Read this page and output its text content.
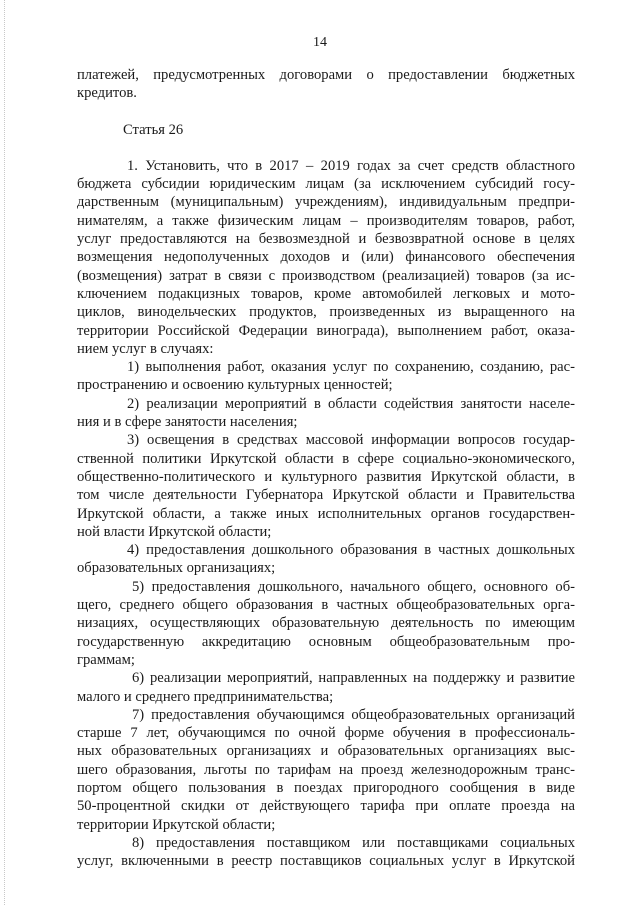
14
платежей, предусмотренных договорами о предоставлении бюджетных
кредитов.
Статья 26
1. Установить, что в 2017 – 2019 годах за счет средств областного
бюджета субсидии юридическим лицам (за исключением субсидий госу-
дарственным (муниципальным) учреждениям), индивидуальным предпри-
нимателям, а также физическим лицам – производителям товаров, работ,
услуг предоставляются на безвозмездной и безвозвратной основе в целях
возмещения недополученных доходов и (или) финансового обеспечения
(возмещения) затрат в связи с производством (реализацией) товаров (за ис-
ключением подакцизных товаров, кроме автомобилей легковых и мото-
циклов, винодельческих продуктов, произведенных из выращенного на
территории Российской Федерации винограда), выполнением работ, оказа-
нием услуг в случаях:
1) выполнения работ, оказания услуг по сохранению, созданию, рас-
пространению и освоению культурных ценностей;
2) реализации мероприятий в области содействия занятости населе-
ния и в сфере занятости населения;
3) освещения в средствах массовой информации вопросов государ-
ственной политики Иркутской области в сфере социально-экономического,
общественно-политического и культурного развития Иркутской области, в
том числе деятельности Губернатора Иркутской области и Правительства
Иркутской области, а также иных исполнительных органов государствен-
ной власти Иркутской области;
4) предоставления дошкольного образования в частных дошкольных
образовательных организациях;
5) предоставления дошкольного, начального общего, основного об-
щего, среднего общего образования в частных общеобразовательных орга-
низациях, осуществляющих образовательную деятельность по имеющим
государственную аккредитацию основным общеобразовательным про-
граммам;
6) реализации мероприятий, направленных на поддержку и развитие
малого и среднего предпринимательства;
7) предоставления обучающимся общеобразовательных организаций
старше 7 лет, обучающимся по очной форме обучения в профессиональ-
ных образовательных организациях и образовательных организациях выс-
шего образования, льготы по тарифам на проезд железнодорожным транс-
портом общего пользования в поездах пригородного сообщения в виде
50-процентной скидки от действующего тарифа при оплате проезда на
территории Иркутской области;
8) предоставления поставщиком или поставщиками социальных
услуг, включенными в реестр поставщиков социальных услуг в Иркутской
